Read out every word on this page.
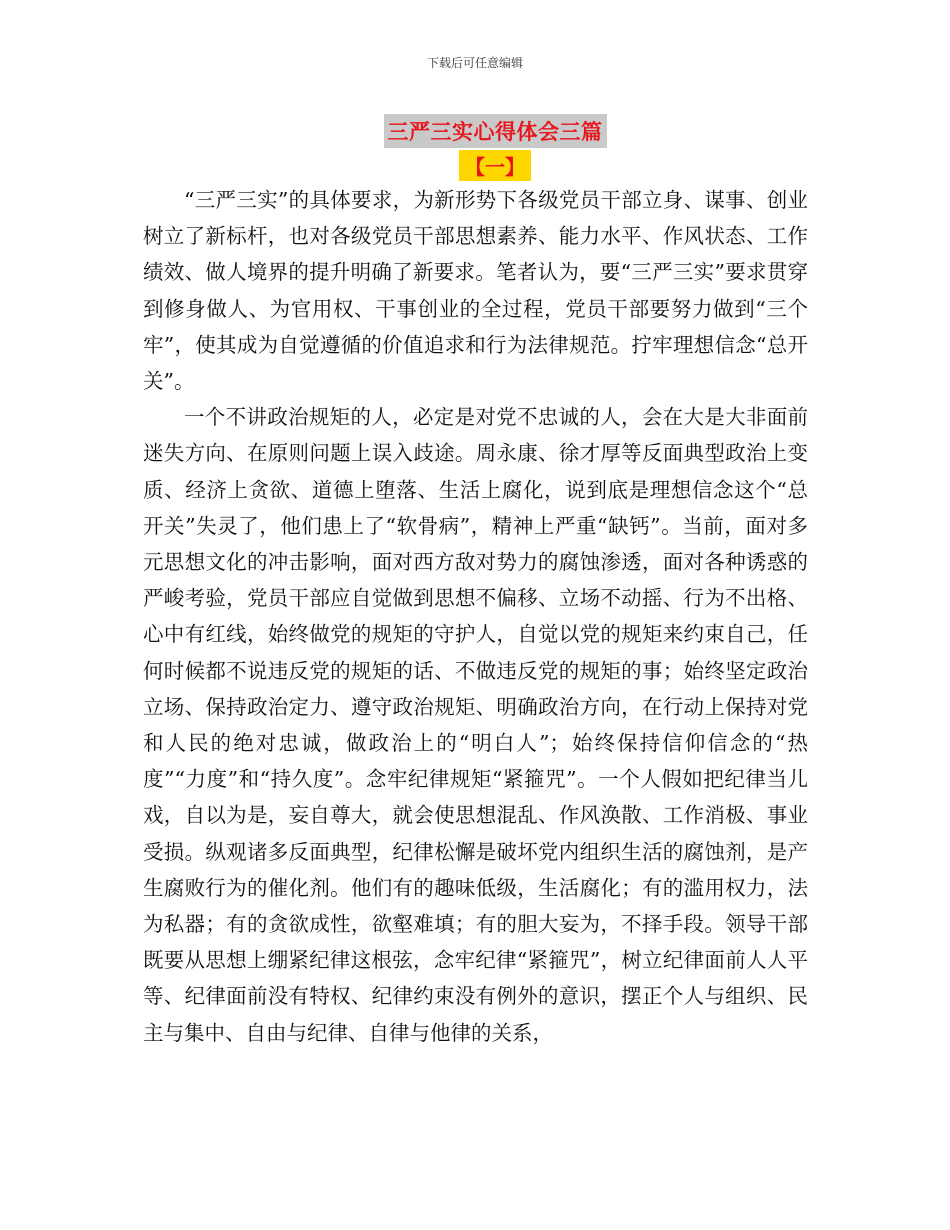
下载后可任意编辑
三严三实心得体会三篇
【一】

“三严三实”的具体要求，为新形势下各级党员干部立身、谋事、创业树立了新标杆，也对各级党员干部思想素养、能力水平、作风状态、工作绩效、做人境界的提升明确了新要求。笔者认为，要“三严三实”要求贯穿到修身做人、为官用权、干事创业的全过程，党员干部要努力做到“三个牢”，使其成为自觉遵循的价值追求和行为法律规范。拧牢理想信念“总开关”。

一个不讲政治规矩的人，必定是对党不忠诚的人，会在大是大非面前迷失方向、在原则问题上误入歧途。周永康、徐才厚等反面典型政治上变质、经济上贪欲、道德上堕落、生活上腐化，说到底是理想信念这个“总开关”失灵了，他们患上了“软骨病”，精神上严重“缺钙”。当前，面对多元思想文化的冲击影响，面对西方敌对势力的腐蚀渗透，面对各种诱惑的严峻考验，党员干部应自觉做到思想不偏移、立场不动摇、行为不出格、心中有红线，始终做党的规矩的守护人，自觉以党的规矩来约束自己，任何时候都不说违反党的规矩的话、不做违反党的规矩的事；始终坚定政治立场、保持政治定力、遵守政治规矩、明确政治方向，在行动上保持对党和人民的绝对忠诚，做政治上的“明白人”；始终保持信仰信念的“热度”“力度”和“持久度”。念牢纪律规矩“紧箍咒”。一个人假如把纪律当儿戏，自以为是，妄自尊大，就会使思想混乱、作风涣散、工作消极、事业受损。纵观诸多反面典型，纪律松懈是破坏党内组织生活的腐蚀剂，是产生腐败行为的催化剂。他们有的趣味低级，生活腐化；有的滥用权力，法为私器；有的贪欲成性，欲壑难填；有的胆大妄为，不择手段。领导干部既要从思想上绷紧纪律这根弦，念牢纪律“紧箍咒”，树立纪律面前人人平等、纪律面前没有特权、纪律约束没有例外的意识，摆正个人与组织、民主与集中、自由与纪律、自律与他律的关系，
